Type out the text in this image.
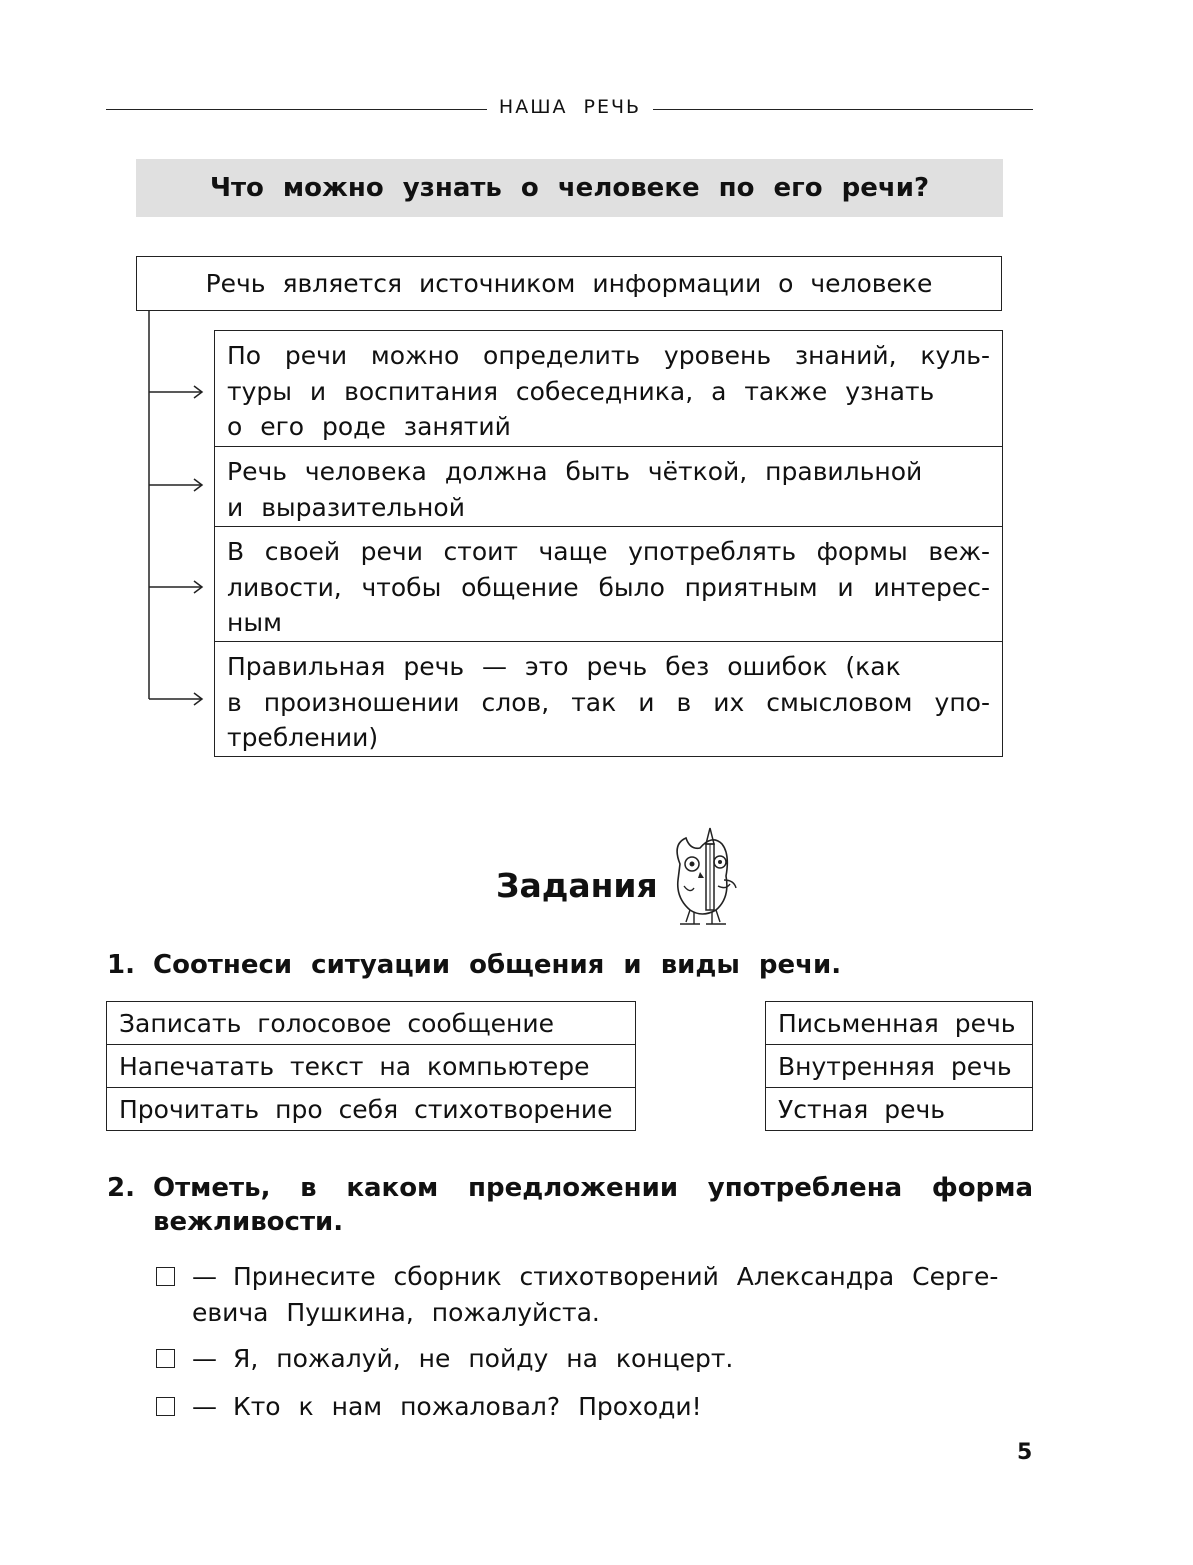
НАША РЕЧЬ
Что можно узнать о человеке по его речи?
Речь является источником информации о человеке
По речи можно определить уровень знаний, куль-
туры и воспитания собеседника, а также узнать
о его роде занятий
Речь человека должна быть чёткой, правильной
и выразительной
В своей речи стоит чаще употреблять формы веж-
ливости, чтобы общение было приятным и интерес-
ным
Правильная речь — это речь без ошибок (как
в произношении слов, так и в их смысловом упо-
треблении)
Задания
1. Соотнеси ситуации общения и виды речи.
Записать голосовое сообщение
Напечатать текст на компьютере
Прочитать про себя стихотворение
Письменная речь
Внутренняя речь
Устная речь
2. Отметь, в каком предложении употреблена форма
вежливости.
— Принесите сборник стихотворений Александра Серге-
евича Пушкина, пожалуйста.
— Я, пожалуй, не пойду на концерт.
— Кто к нам пожаловал? Проходи!
5
